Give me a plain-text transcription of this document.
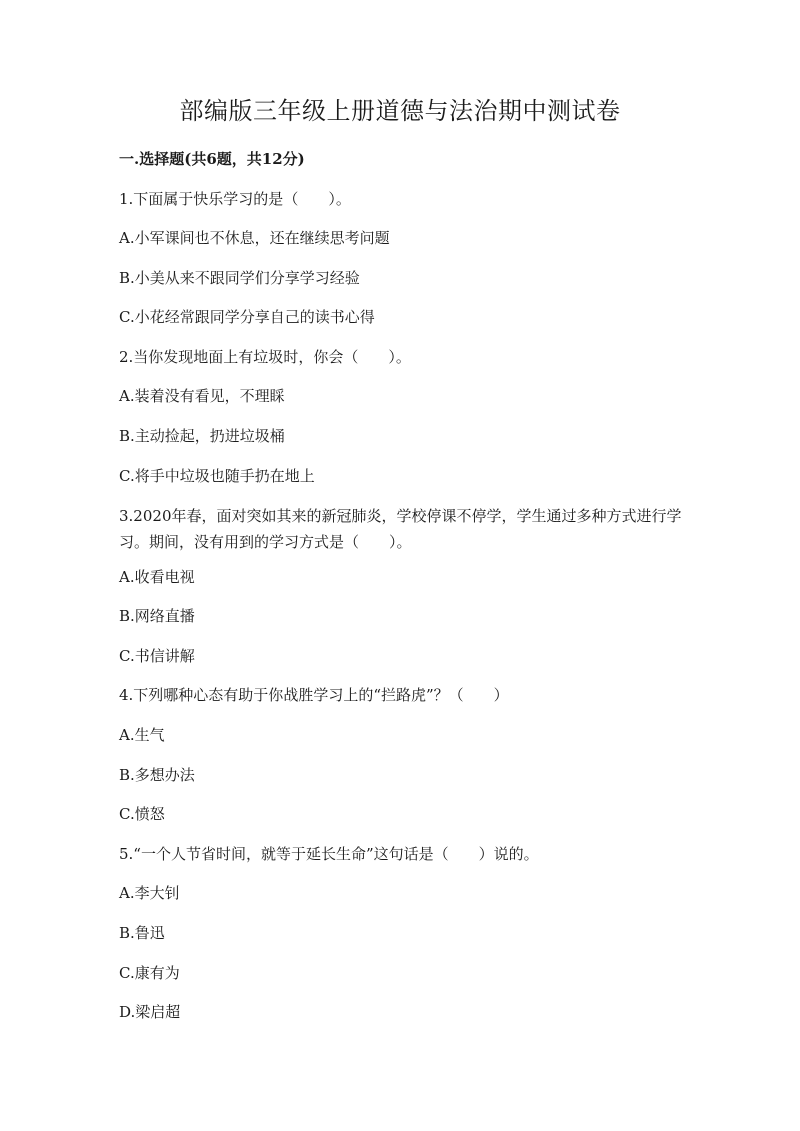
部编版三年级上册道德与法治期中测试卷

一.选择题(共6题，共12分)

1.下面属于快乐学习的是（　　）。

A.小军课间也不休息，还在继续思考问题

B.小美从来不跟同学们分享学习经验

C.小花经常跟同学分享自己的读书心得

2.当你发现地面上有垃圾时，你会（　　）。

A.装着没有看见，不理睬

B.主动捡起，扔进垃圾桶

C.将手中垃圾也随手扔在地上

3.2020年春，面对突如其来的新冠肺炎，学校停课不停学，学生通过多种方式进行学习。期间，没有用到的学习方式是（　　）。

A.收看电视

B.网络直播

C.书信讲解

4.下列哪种心态有助于你战胜学习上的“拦路虎”？（　　）

A.生气

B.多想办法

C.愤怒

5.“一个人节省时间，就等于延长生命”这句话是（　　）说的。

A.李大钊

B.鲁迅

C.康有为

D.梁启超
